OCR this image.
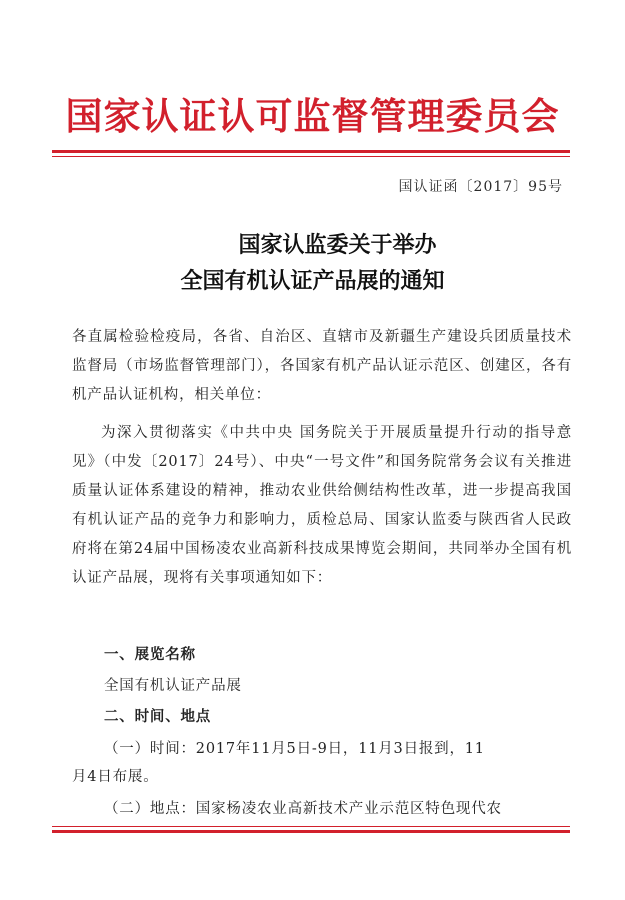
国家认证认可监督管理委员会
国认证函〔2017〕95号
国家认监委关于举办
全国有机认证产品展的通知
各直属检验检疫局，各省、自治区、直辖市及新疆生产建设兵团质量技术监督局（市场监督管理部门），各国家有机产品认证示范区、创建区，各有机产品认证机构，相关单位：
为深入贯彻落实《中共中央 国务院关于开展质量提升行动的指导意见》（中发〔2017〕24号）、中央“一号文件”和国务院常务会议有关推进质量认证体系建设的精神，推动农业供给侧结构性改革，进一步提高我国有机认证产品的竞争力和影响力，质检总局、国家认监委与陕西省人民政府将在第24届中国杨凌农业高新科技成果博览会期间，共同举办全国有机认证产品展，现将有关事项通知如下：
一、展览名称
全国有机认证产品展
二、时间、地点
（一）时间：2017年11月5日-9日，11月3日报到，11
月4日布展。
（二）地点：国家杨凌农业高新技术产业示范区特色现代农
